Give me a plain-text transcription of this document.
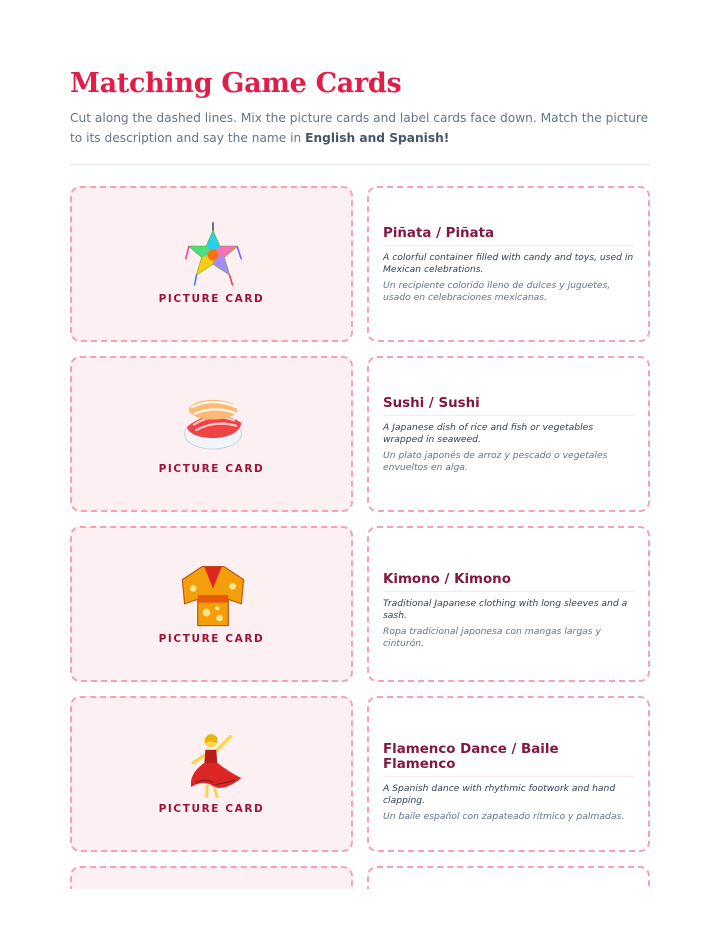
Matching Game Cards

Cut along the dashed lines. Mix the picture cards and label cards face down. Match the picture to its description and say the name in English and Spanish!

PICTURE CARD
Piñata / Piñata
A colorful container filled with candy and toys, used in Mexican celebrations.
Un recipiente colorido lleno de dulces y juguetes, usado en celebraciones mexicanas.
PICTURE CARD
Sushi / Sushi
A Japanese dish of rice and fish or vegetables wrapped in seaweed.
Un plato japonés de arroz y pescado o vegetales envueltos en alga.
PICTURE CARD
Kimono / Kimono
Traditional Japanese clothing with long sleeves and a sash.
Ropa tradicional japonesa con mangas largas y cinturón.
PICTURE CARD
Flamenco Dance / Baile Flamenco
A Spanish dance with rhythmic footwork and hand clapping.
Un baile español con zapateado rítmico y palmadas.
